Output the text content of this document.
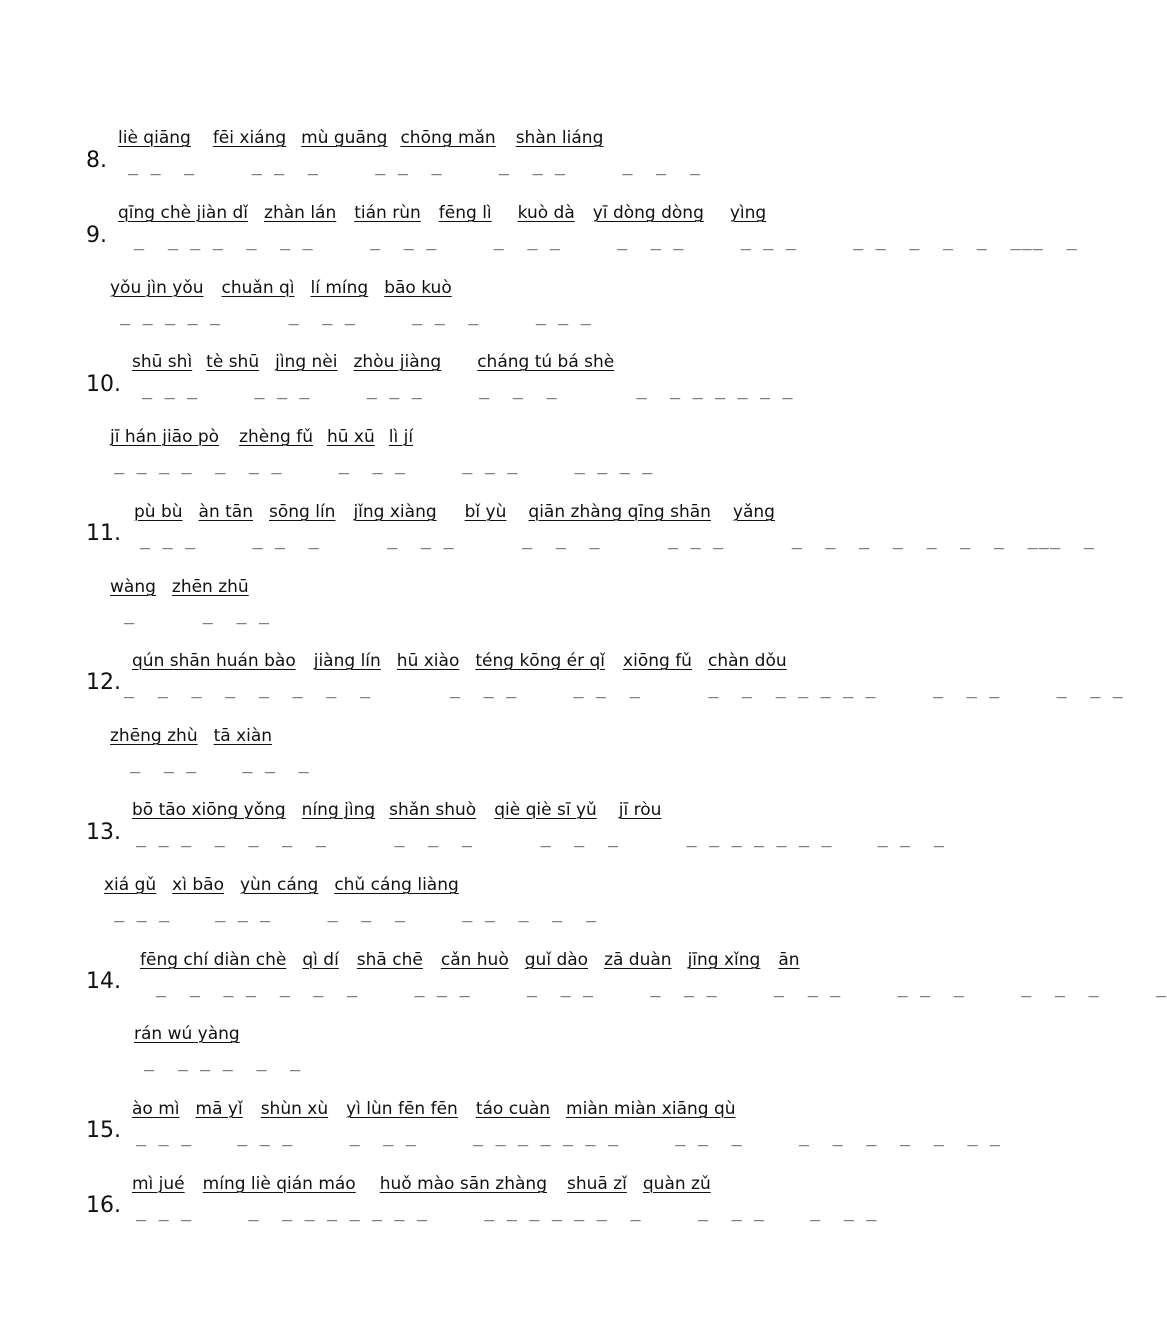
8.
liè qiāng fēi xiáng mù guāng chōng mǎn shàn liáng
_ _  _     _ _  _     _ _  _     _  _ _     _  _  _
9.
qīng chè jiàn dǐ zhàn lán tián rùn fēng lì kuò dà yī dòng dòng yìng
_  _ _ _  _  _ _     _  _ _     _  _ _     _  _ _     _ _ _     _ _  _  _  _  ___  _
yǒu jìn yǒu chuǎn qì lí míng bāo kuò
_ _ _ _ _      _  _ _     _ _  _     _ _ _
10.
shū shì tè shū jìng nèi zhòu jiàng cháng tú bá shè
_ _ _     _ _ _     _ _ _     _  _  _       _  _ _ _ _ _ _
jī hán jiāo pò zhèng fǔ hū xū lì jí
_ _ _ _  _  _ _     _  _ _     _ _ _     _ _ _ _
11.
pù bù àn tān sōng lín jǐng xiàng bǐ yù qiān zhàng qīng shān yǎng
_ _ _     _ _  _      _  _ _      _  _  _      _ _ _      _  _  _  _  _  _  _  ___  _
wàng zhēn zhū
_      _  _ _
12.
qún shān huán bào jiàng lín hū xiào téng kōng ér qǐ xiōng fǔ chàn dǒu
_  _  _  _  _  _  _  _       _  _ _     _ _  _      _  _  _ _ _ _ _     _  _ _     _  _ _
zhēng zhù tā xiàn
_  _ _    _ _  _
13.
bō tāo xiōng yǒng níng jìng shǎn shuò qiè qiè sī yǔ jī ròu
_ _ _  _  _  _  _      _  _  _      _  _  _      _ _ _ _ _ _ _    _ _  _
xiá gǔ xì bāo yùn cáng chǔ cáng liàng
_ _ _    _ _ _     _  _  _     _ _  _  _  _
14.
fēng chí diàn chè qì dí shā chē cǎn huò guǐ dào zā duàn jīng xǐng ān
_  _  _ _  _  _  _     _ _ _     _  _ _     _  _ _     _  _ _     _ _  _     _  _  _     _
rán wú yàng
_  _ _ _  _  _
15.
ào mì mā yǐ shùn xù yì lùn fēn fēn táo cuàn miàn miàn xiāng qù
_ _ _    _ _ _     _  _ _     _ _ _ _ _ _ _     _ _  _     _  _  _  _  _  _ _
16.
mì jué míng liè qián máo huǒ mào sān zhàng shuā zǐ quàn zǔ
_ _ _     _  _ _ _ _ _ _ _     _ _ _ _ _ _  _     _  _ _    _  _ _
